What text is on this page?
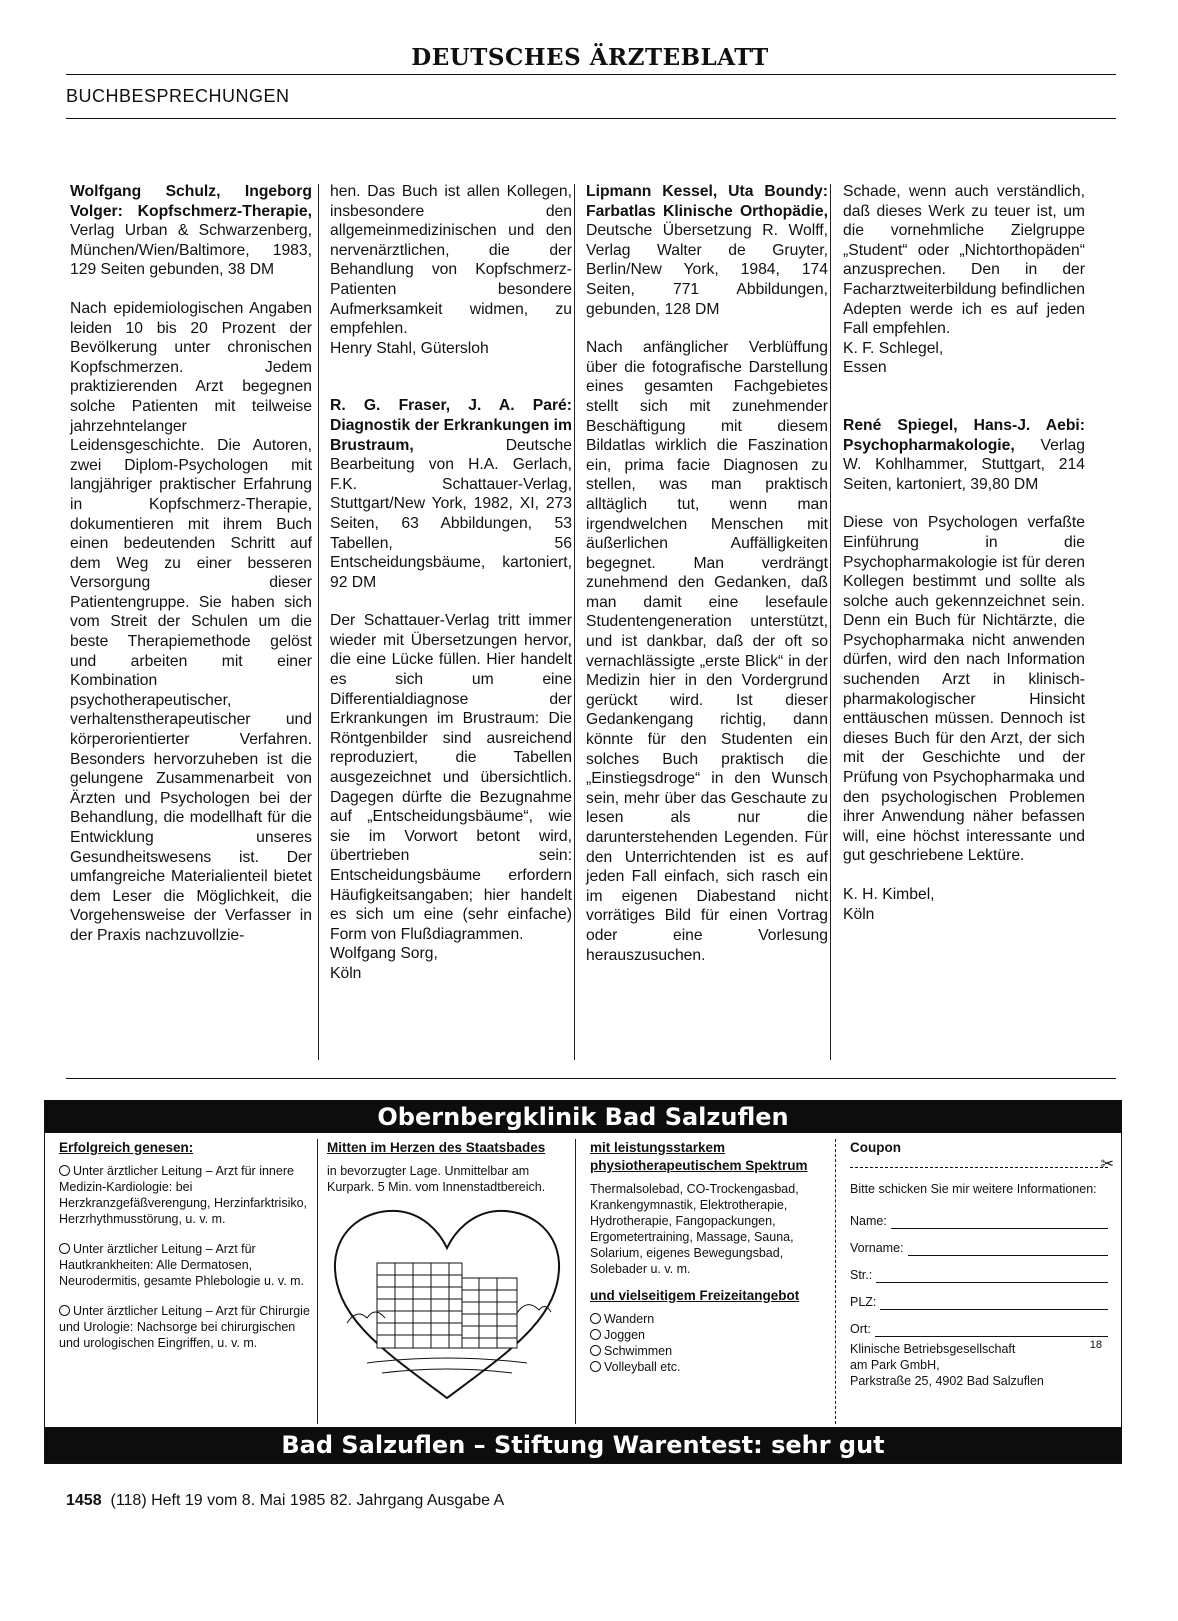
DEUTSCHES ÄRZTEBLATT
BUCHBESPRECHUNGEN

Wolfgang Schulz, Ingeborg Volger: Kopfschmerz-Therapie, Verlag Urban & Schwarzenberg, München/Wien/Baltimore, 1983, 129 Seiten gebunden, 38 DM

Nach epidemiologischen Angaben leiden 10 bis 20 Prozent der Bevölkerung unter chronischen Kopfschmerzen. Jedem praktizierenden Arzt begegnen solche Patienten mit teilweise jahrzehntelanger Leidensgeschichte. Die Autoren, zwei Diplom-Psychologen mit langjähriger praktischer Erfahrung in Kopfschmerz-Therapie, dokumentieren mit ihrem Buch einen bedeutenden Schritt auf dem Weg zu einer besseren Versorgung dieser Patientengruppe. Sie haben sich vom Streit der Schulen um die beste Therapiemethode gelöst und arbeiten mit einer Kombination psychotherapeutischer, verhaltenstherapeutischer und körperorientierter Verfahren. Besonders hervorzuheben ist die gelungene Zusammenarbeit von Ärzten und Psychologen bei der Behandlung, die modellhaft für die Entwicklung unseres Gesundheitswesens ist. Der umfangreiche Materialienteil bietet dem Leser die Möglichkeit, die Vorgehensweise der Verfasser in der Praxis nachzuvollzie-

hen. Das Buch ist allen Kollegen, insbesondere den allgemeinmedizinischen und den nervenärztlichen, die der Behandlung von Kopfschmerz-Patienten besondere Aufmerksamkeit widmen, zu empfehlen.

Henry Stahl, Gütersloh

R. G. Fraser, J. A. Paré: Diagnostik der Erkrankungen im Brustraum, Deutsche Bearbeitung von H.A. Gerlach, F.K. Schattauer-Verlag, Stuttgart/New York, 1982, XI, 273 Seiten, 63 Abbildungen, 53 Tabellen, 56 Entscheidungsbäume, kartoniert, 92 DM

Der Schattauer-Verlag tritt immer wieder mit Übersetzungen hervor, die eine Lücke füllen. Hier handelt es sich um eine Differentialdiagnose der Erkrankungen im Brustraum: Die Röntgenbilder sind ausreichend reproduziert, die Tabellen ausgezeichnet und übersichtlich. Dagegen dürfte die Bezugnahme auf „Entscheidungsbäume“, wie sie im Vorwort betont wird, übertrieben sein: Entscheidungsbäume erfordern Häufigkeitsangaben; hier handelt es sich um eine (sehr einfache) Form von Flußdiagrammen.

Wolfgang Sorg, Köln

Lipmann Kessel, Uta Boundy: Farbatlas Klinische Orthopädie, Deutsche Übersetzung R. Wolff, Verlag Walter de Gruyter, Berlin/New York, 1984, 174 Seiten, 771 Abbildungen, gebunden, 128 DM

Nach anfänglicher Verblüffung über die fotografische Darstellung eines gesamten Fachgebietes stellt sich mit zunehmender Beschäftigung mit diesem Bildatlas wirklich die Faszination ein, prima facie Diagnosen zu stellen, was man praktisch alltäglich tut, wenn man irgendwelchen Menschen mit äußerlichen Auffälligkeiten begegnet. Man verdrängt zunehmend den Gedanken, daß man damit eine lesefaule Studentengeneration unterstützt, und ist dankbar, daß der oft so vernachlässigte „erste Blick“ in der Medizin hier in den Vordergrund gerückt wird. Ist dieser Gedankengang richtig, dann könnte für den Studenten ein solches Buch praktisch die „Einstiegsdroge“ in den Wunsch sein, mehr über das Geschaute zu lesen als nur die darunterstehenden Legenden. Für den Unterrichtenden ist es auf jeden Fall einfach, sich rasch ein im eigenen Diabestand nicht vorrätiges Bild für einen Vortrag oder eine Vorlesung herauszusuchen.

Schade, wenn auch verständlich, daß dieses Werk zu teuer ist, um die vornehmliche Zielgruppe „Student“ oder „Nichtorthopäden“ anzusprechen. Den in der Facharztweiterbildung befindlichen Adepten werde ich es auf jeden Fall empfehlen.

K. F. Schlegel, Essen

René Spiegel, Hans-J. Aebi: Psychopharmakologie, Verlag W. Kohlhammer, Stuttgart, 214 Seiten, kartoniert, 39,80 DM

Diese von Psychologen verfaßte Einführung in die Psychopharmakologie ist für deren Kollegen bestimmt und sollte als solche auch gekennzeichnet sein. Denn ein Buch für Nichtärzte, die Psychopharmaka nicht anwenden dürfen, wird den nach Information suchenden Arzt in klinisch-pharmakologischer Hinsicht enttäuschen müssen. Dennoch ist dieses Buch für den Arzt, der sich mit der Geschichte und der Prüfung von Psychopharmaka und den psychologischen Problemen ihrer Anwendung näher befassen will, eine höchst interessante und gut geschriebene Lektüre.

K. H. Kimbel, Köln

Obernbergklinik Bad Salzuflen
Erfolgreich genesen:
Unter ärztlicher Leitung – Arzt für innere Medizin-Kardiologie: bei Herzkranzgefäßverengung, Herzinfarktrisiko, Herzrhythmusstörung, u. v. m.
Unter ärztlicher Leitung – Arzt für Hautkrankheiten: Alle Dermatosen, Neurodermitis, gesamte Phlebologie u. v. m.
Unter ärztlicher Leitung – Arzt für Chirurgie und Urologie: Nachsorge bei chirurgischen und urologischen Eingriffen, u. v. m.
Mitten im Herzen des Staatsbades
in bevorzugter Lage. Unmittelbar am Kurpark. 5 Min. vom Innenstadtbereich.
mit leistungsstarkem physiotherapeutischem Spektrum
Thermalsolebad, CO-Trockengasbad, Krankengymnastik, Elektrotherapie, Hydrotherapie, Fangopackungen, Ergometertraining, Massage, Sauna, Solarium, eigenes Bewegungsbad, Solebader u. v. m.
und vielseitigem Freizeitangebot
Wandern
Joggen
Schwimmen
Volleyball etc.
Coupon
✂
Bitte schicken Sie mir weitere Informationen:
Name:
Vorname:
Str.:
PLZ:
Ort:
18
Klinische Betriebsgesellschaft
am Park GmbH,
Parkstraße 25, 4902 Bad Salzuflen
Bad Salzuflen – Stiftung Warentest: sehr gut
1458 (118) Heft 19 vom 8. Mai 1985 82. Jahrgang Ausgabe A
